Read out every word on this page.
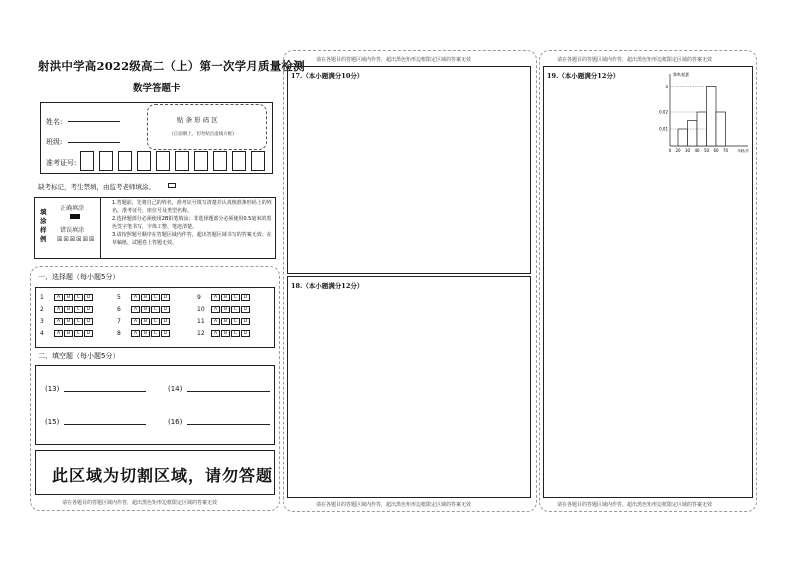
射洪中学高2022级高二（上）第一次学月质量检测
数学答题卡
姓名:
班级:
准考证号:
贴 条 形 码 区
(正面朝上，切勿贴出虚线方框)
缺考标记，考生禁填，由监考老师填涂。
填涂样例
正确填涂
错误填涂
☒☒☒☒☒☒
1.答题前，先将自己的姓名，准考证号填写清楚并认真核准条形码上的姓名，准考证号，座位号及类型名称。
2.选择题部分必须使用2B铅笔填涂；非选择题部分必须使用0.5毫米的黑色签字笔书写，字体工整、笔迹清楚。
3.请按照题号顺序在答题区域内作答，超出答题区域书写的答案无效；在草稿纸、试题卷上答题无效。
一、选择题（每小题5分）
1	A B C D
2	A B C D
3	A B C D
4	A B C D
5	A B C D
6	A B C D
7	A B C D
8	A B C D
9	A B C D
10 A B C D
11 A B C D
12 A B C D
二、填空题（每小题5分）
(13)	(14)
(15)	(16)
此区域为切割区域，请勿答题
请在各题目的答题区域内作答，超出黑色矩形边框限定区域的答案无效
请在各题目的答题区域内作答，超出黑色矩形边框限定区域的答案无效
17.（本小题满分10分）
18.（本小题满分12分）
请在各题目的答题区域内作答，超出黑色矩形边框限定区域的答案无效
请在各题目的答题区域内作答，超出黑色矩形边框限定区域的答案无效
19.（本小题满分12分）
请在各题目的答题区域内作答，超出黑色矩形边框限定区域的答案无效
0.02
0.01
a
0 20 30 40 50 60 70	年龄/岁
频率/组距
